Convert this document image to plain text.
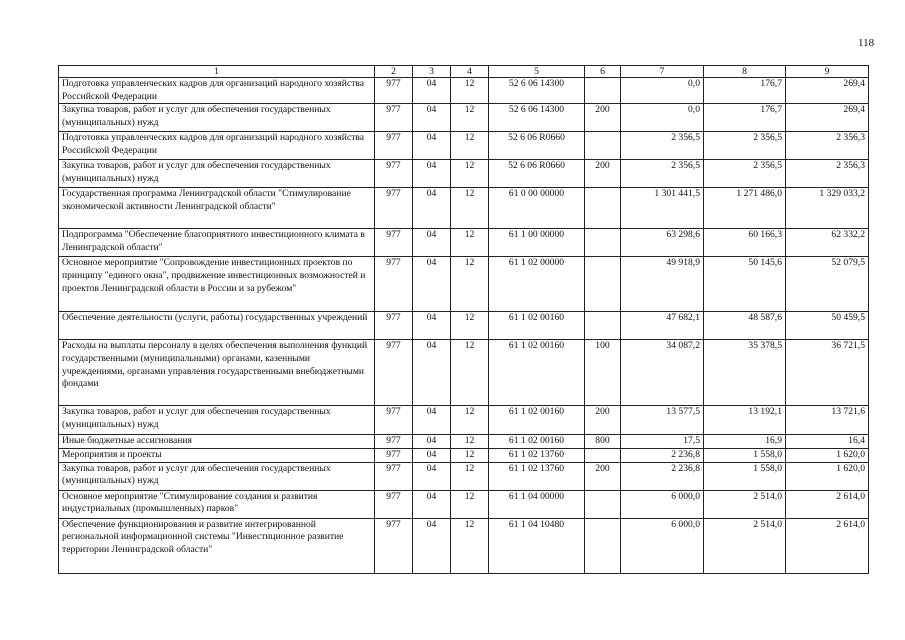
118
1	2	3	4	5	6	7	8	9
Подготовка управленческих кадров для организаций народного хозяйства Российской Федерации	977	04	12	52 6 06 14300		0,0	176,7	269,4
Закупка товаров, работ и услуг для обеспечения государственных (муниципальных) нужд	977	04	12	52 6 06 14300	200	0,0	176,7	269,4
Подготовка управленческих кадров для организаций народного хозяйства Российской Федерации	977	04	12	52 6 06 R0660		2 356,5	2 356,5	2 356,3
Закупка товаров, работ и услуг для обеспечения государственных (муниципальных) нужд	977	04	12	52 6 06 R0660	200	2 356,5	2 356,5	2 356,3
Государственная программа Ленинградской области "Стимулирование экономической активности Ленинградской области"	977	04	12	61 0 00 00000		1 301 441,5	1 271 486,0	1 329 033,2
Подпрограмма "Обеспечение благоприятного инвестиционного климата в Ленинградской области"	977	04	12	61 1 00 00000		63 298,6	60 166,3	62 332,2
Основное мероприятие "Сопровождение инвестиционных проектов по принципу "единого окна", продвижение инвестиционных возможностей и проектов Ленинградской области в России и за рубежом"	977	04	12	61 1 02 00000		49 918,9	50 145,6	52 079,5
Обеспечение деятельности (услуги, работы) государственных учреждений	977	04	12	61 1 02 00160		47 682,1	48 587,6	50 459,5
Расходы на выплаты персоналу в целях обеспечения выполнения функций государственными (муниципальными) органами, казенными учреждениями, органами управления государственными внебюджетными фондами	977	04	12	61 1 02 00160	100	34 087,2	35 378,5	36 721,5
Закупка товаров, работ и услуг для обеспечения государственных (муниципальных) нужд	977	04	12	61 1 02 00160	200	13 577,5	13 192,1	13 721,6
Иные бюджетные ассигнования	977	04	12	61 1 02 00160	800	17,5	16,9	16,4
Мероприятия и проекты	977	04	12	61 1 02 13760		2 236,8	1 558,0	1 620,0
Закупка товаров, работ и услуг для обеспечения государственных (муниципальных) нужд	977	04	12	61 1 02 13760	200	2 236,8	1 558,0	1 620,0
Основное мероприятие "Стимулирование создания и развития индустриальных (промышленных) парков"	977	04	12	61 1 04 00000		6 000,0	2 514,0	2 614,0
Обеспечение функционирования и развитие интегрированной региональной информационной системы "Инвестиционное развитие территории Ленинградской области"	977	04	12	61 1 04 10480		6 000,0	2 514,0	2 614,0
